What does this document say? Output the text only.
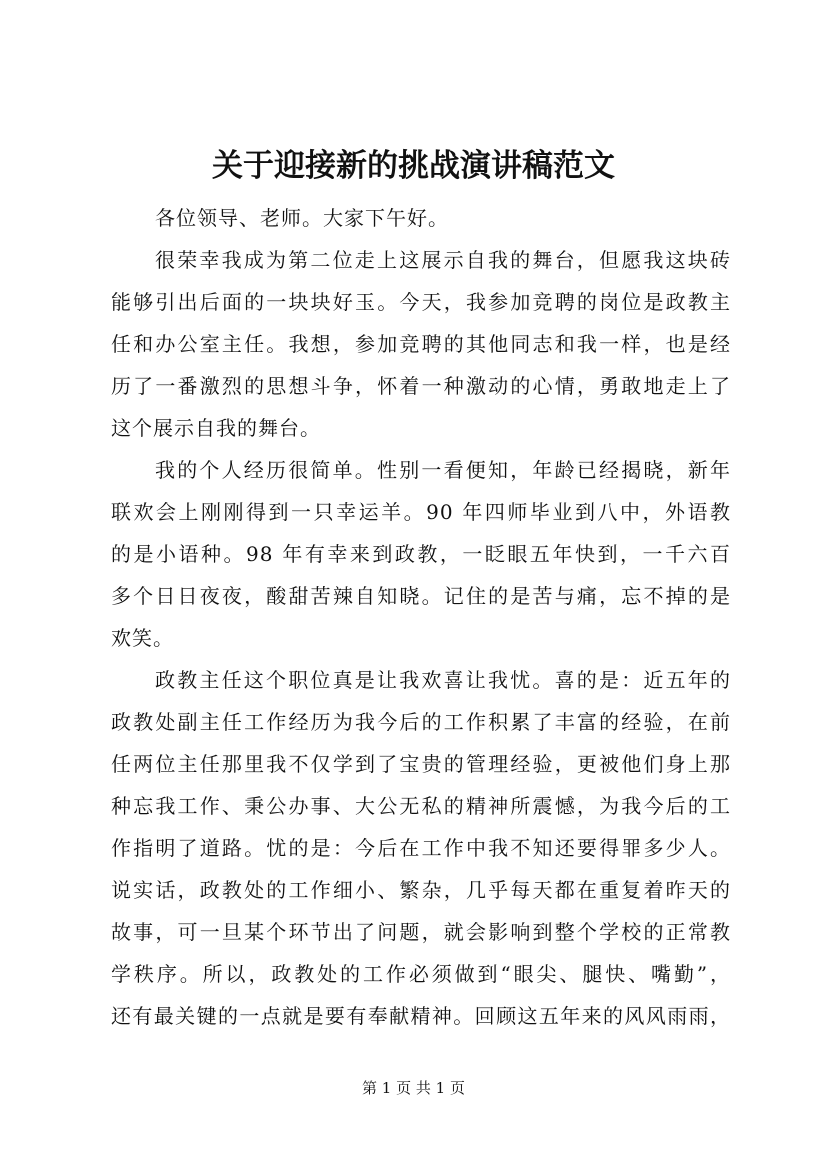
关于迎接新的挑战演讲稿范文
各位领导、老师。大家下午好。
很荣幸我成为第二位走上这展示自我的舞台，但愿我这块砖
能够引出后面的一块块好玉。今天，我参加竞聘的岗位是政教主
任和办公室主任。我想，参加竞聘的其他同志和我一样，也是经
历了一番激烈的思想斗争，怀着一种激动的心情，勇敢地走上了
这个展示自我的舞台。
我的个人经历很简单。性别一看便知，年龄已经揭晓，新年
联欢会上刚刚得到一只幸运羊。90 年四师毕业到八中，外语教
的是小语种。98 年有幸来到政教，一眨眼五年快到，一千六百
多个日日夜夜，酸甜苦辣自知晓。记住的是苦与痛，忘不掉的是
欢笑。
政教主任这个职位真是让我欢喜让我忧。喜的是：近五年的
政教处副主任工作经历为我今后的工作积累了丰富的经验，在前
任两位主任那里我不仅学到了宝贵的管理经验，更被他们身上那
种忘我工作、秉公办事、大公无私的精神所震憾，为我今后的工
作指明了道路。忧的是：今后在工作中我不知还要得罪多少人。
说实话，政教处的工作细小、繁杂，几乎每天都在重复着昨天的
故事，可一旦某个环节出了问题，就会影响到整个学校的正常教
学秩序。所以，政教处的工作必须做到“眼尖、腿快、嘴勤”，
还有最关键的一点就是要有奉献精神。回顾这五年来的风风雨雨，
第 1 页 共 1 页
